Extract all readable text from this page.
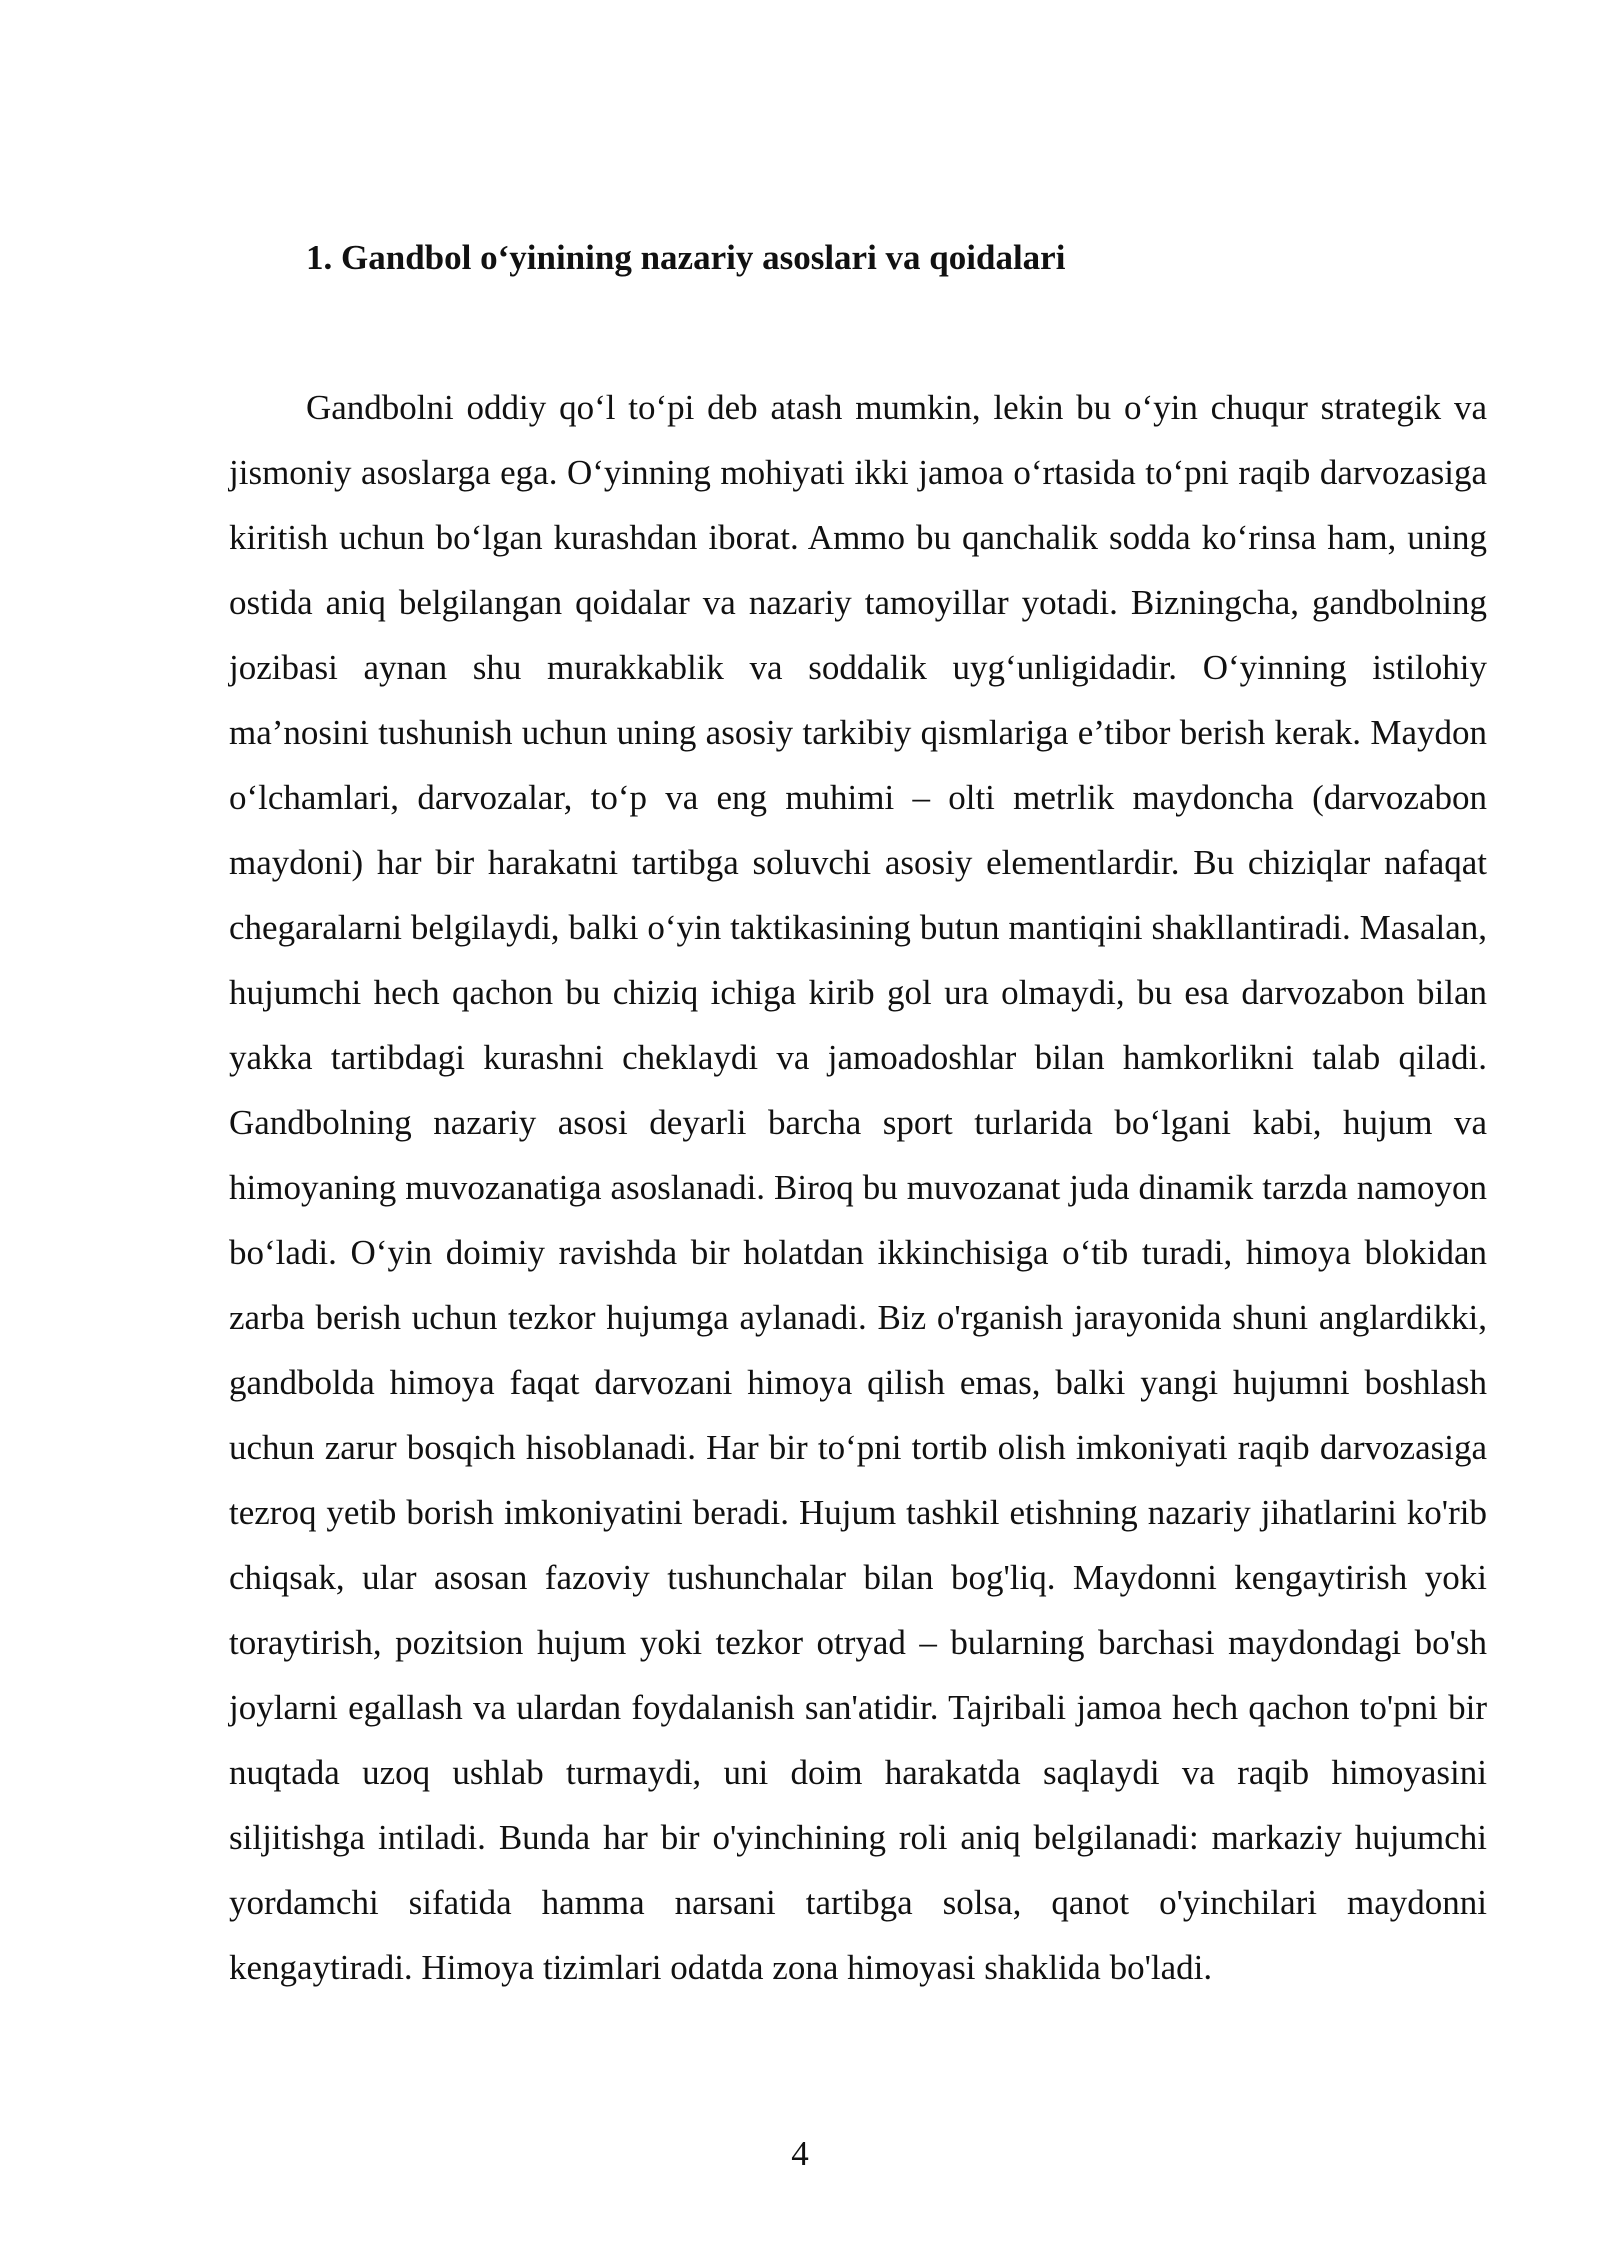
1. Gandbol o‘yinining nazariy asoslari va qoidalari

Gandbolni oddiy qo‘l to‘pi deb atash mumkin, lekin bu o‘yin chuqur strategik va jismoniy asoslarga ega. O‘yinning mohiyati ikki jamoa o‘rtasida to‘pni raqib darvozasiga kiritish uchun bo‘lgan kurashdan iborat. Ammo bu qanchalik sodda ko‘rinsa ham, uning ostida aniq belgilangan qoidalar va nazariy tamoyillar yotadi. Bizningcha, gandbolning jozibasi aynan shu murakkablik va soddalik uyg‘unligidadir. O‘yinning istilohiy ma’nosini tushunish uchun uning asosiy tarkibiy qismlariga e’tibor berish kerak. Maydon o‘lchamlari, darvozalar, to‘p va eng muhimi – olti metrlik maydoncha (darvozabon maydoni) har bir harakatni tartibga soluvchi asosiy elementlardir. Bu chiziqlar nafaqat chegaralarni belgilaydi, balki o‘yin taktikasining butun mantiqini shakllantiradi. Masalan, hujumchi hech qachon bu chiziq ichiga kirib gol ura olmaydi, bu esa darvozabon bilan yakka tartibdagi kurashni cheklaydi va jamoadoshlar bilan hamkorlikni talab qiladi. Gandbolning nazariy asosi deyarli barcha sport turlarida bo‘lgani kabi, hujum va himoyaning muvozanatiga asoslanadi. Biroq bu muvozanat juda dinamik tarzda namoyon bo‘ladi. O‘yin doimiy ravishda bir holatdan ikkinchisiga o‘tib turadi, himoya blokidan zarba berish uchun tezkor hujumga aylanadi. Biz o'rganish jarayonida shuni anglardikki, gandbolda himoya faqat darvozani himoya qilish emas, balki yangi hujumni boshlash uchun zarur bosqich hisoblanadi. Har bir to‘pni tortib olish imkoniyati raqib darvozasiga tezroq yetib borish imkoniyatini beradi. Hujum tashkil etishning nazariy jihatlarini ko'rib chiqsak, ular asosan fazoviy tushunchalar bilan bog'liq. Maydonni kengaytirish yoki toraytirish, pozitsion hujum yoki tezkor otryad – bularning barchasi maydondagi bo'sh joylarni egallash va ulardan foydalanish san'atidir. Tajribali jamoa hech qachon to'pni bir nuqtada uzoq ushlab turmaydi, uni doim harakatda saqlaydi va raqib himoyasini siljitishga intiladi. Bunda har bir o'yinchining roli aniq belgilanadi: markaziy hujumchi yordamchi sifatida hamma narsani tartibga solsa, qanot o'yinchilari maydonni kengaytiradi. Himoya tizimlari odatda zona himoyasi shaklida bo'ladi.

4
